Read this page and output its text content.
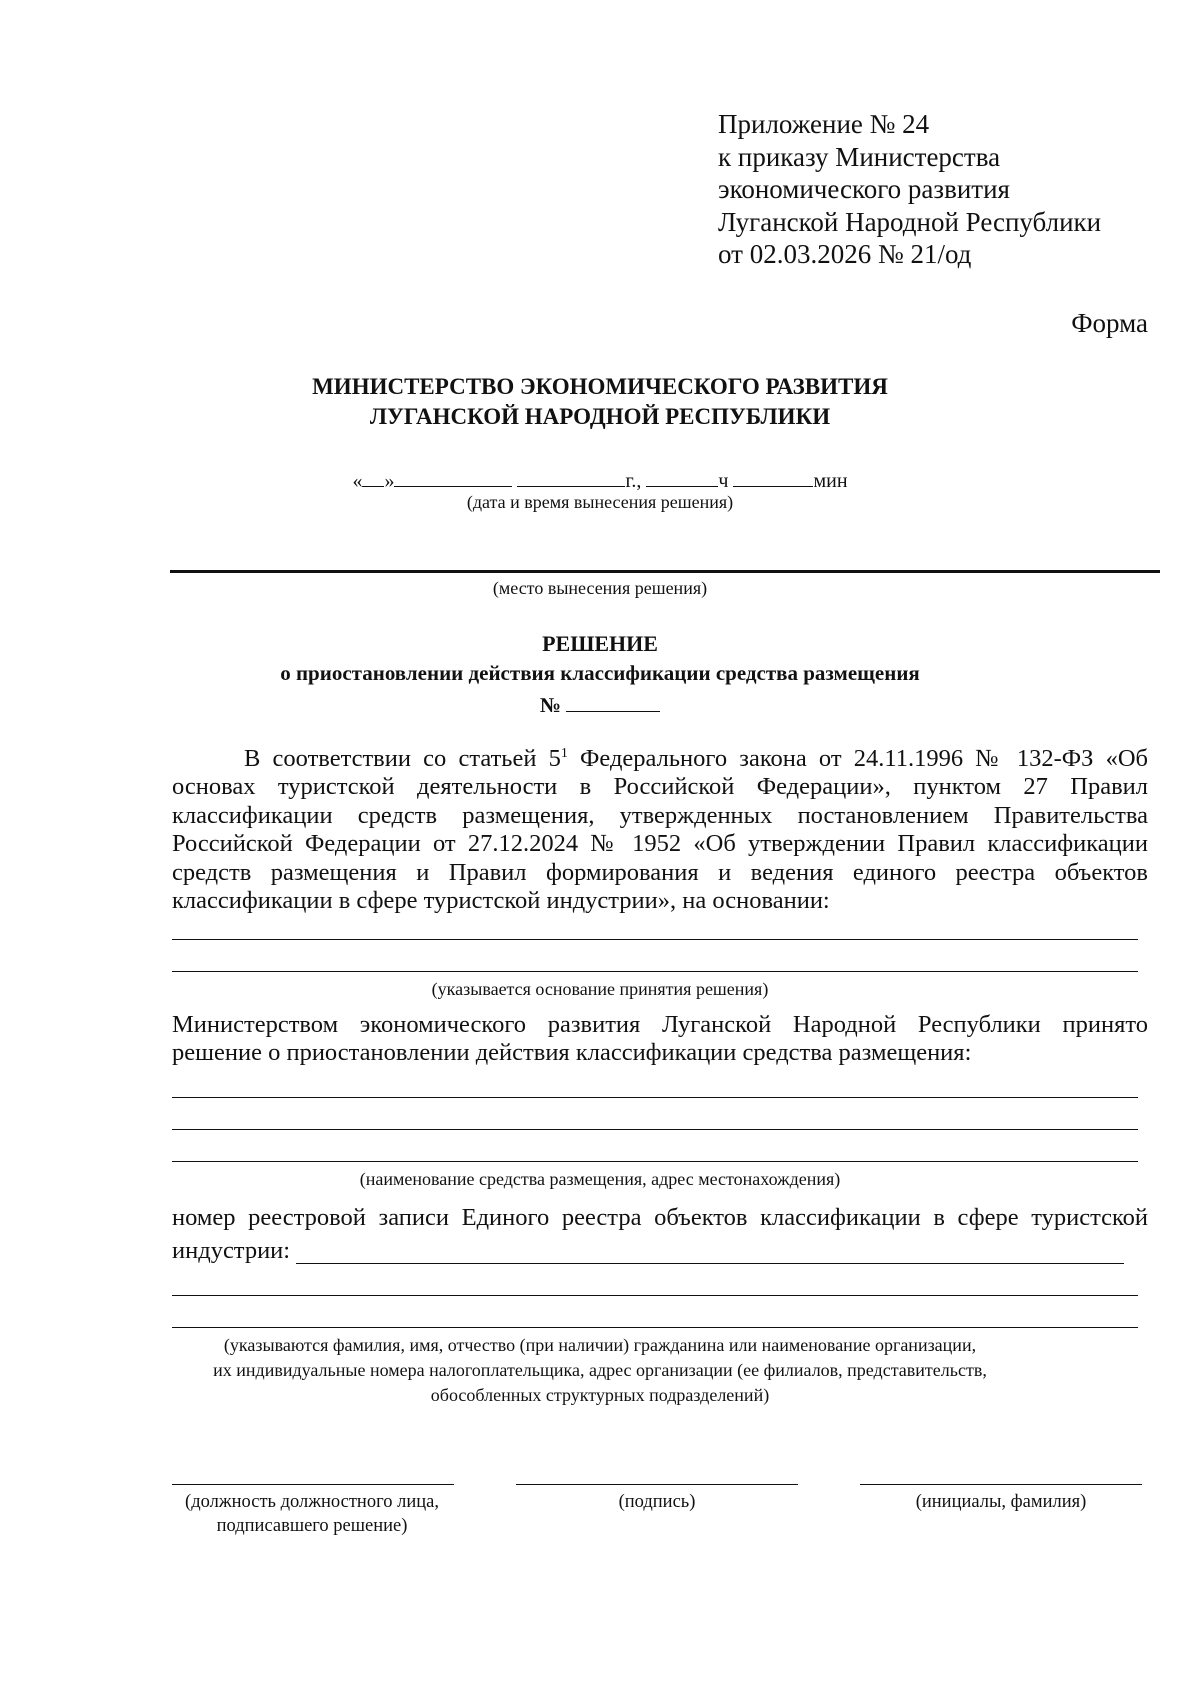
Приложение № 24
к приказу Министерства
экономического развития
Луганской Народной Республики
от 02.03.2026 № 21/од
Форма
МИНИСТЕРСТВО ЭКОНОМИЧЕСКОГО РАЗВИТИЯ
ЛУГАНСКОЙ НАРОДНОЙ РЕСПУБЛИКИ
« »	г.,	ч	мин
(дата и время вынесения решения)
(место вынесения решения)
РЕШЕНИЕ
о приостановлении действия классификации средства размещения
№
В соответствии со статьей $5^1$ Федерального закона от 24.11.1996 № 132-ФЗ «Об основах туристской деятельности в Российской Федерации», пунктом 27 Правил классификации средств размещения, утвержденных постановлением Правительства Российской Федерации от 27.12.2024 № 1952 «Об утверждении Правил классификации средств размещения и Правил формирования и ведения единого реестра объектов классификации в сфере туристской индустрии», на основании:
(указывается основание принятия решения)
Министерством экономического развития Луганской Народной Республики принято решение о приостановлении действия классификации средства размещения:
(наименование средства размещения, адрес местонахождения)
номер реестровой записи Единого реестра объектов классификации в сфере туристской
индустрии:
(указываются фамилия, имя, отчество (при наличии) гражданина или наименование организации,
их индивидуальные номера налогоплательщика, адрес организации (ее филиалов, представительств,
обособленных структурных подразделений)
(должность должностного лица,
подписавшего решение)
(подпись)	(инициалы, фамилия)
